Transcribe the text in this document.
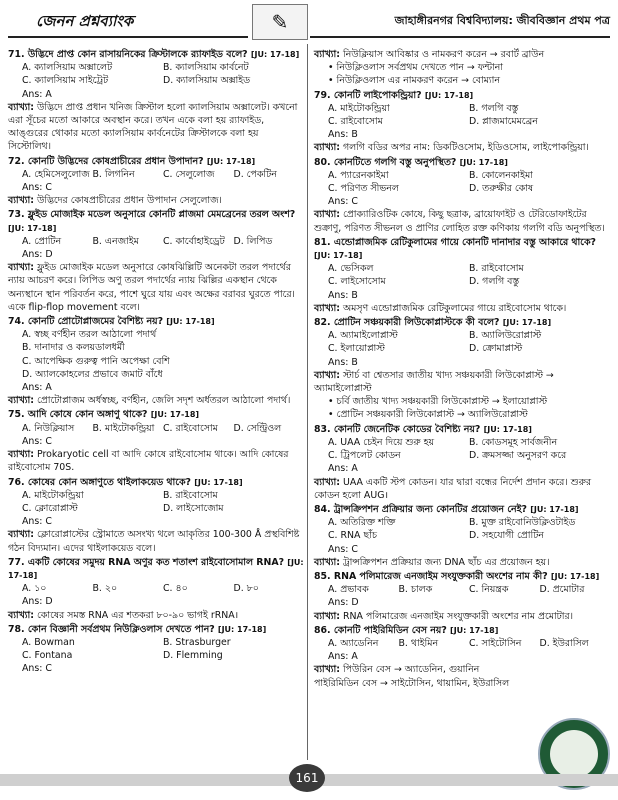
জেনন প্রশ্নব্যাংক	✎	জাহাঙ্গীরনগর বিশ্ববিদ্যালয়: জীববিজ্ঞান প্রথম পত্র
71. উদ্ভিদে প্রাপ্ত কোন রাসায়নিকের ক্রিস্টালকে র‍্যাফাইড বলে? [JU: 17-18]
A. ক্যালসিয়াম অক্সালেট	B. ক্যালসিয়াম কার্বনেট
C. ক্যালসিয়াম সাইট্রেট	D. ক্যালসিয়াম অক্সাইড
Ans: A
ব্যাখ্যা: উদ্ভিদে প্রাপ্ত প্রধান খনিজ ক্রিস্টাল হলো ক্যালসিয়াম অক্সালেট। কখনো এরা সূঁচের মতো আকারে অবস্থান করে। তখন একে বলা হয় র‍্যাফাইড, আঙ্গুরের থোকার মতো ক্যালসিয়াম কার্বনেটের ক্রিস্টালকে বলা হয় সিস্টোলিথ।
72. কোনটি উদ্ভিদের কোষপ্রাচীরের প্রধান উপাদান? [JU: 17-18]
A. হেমিসেলুলোজ B. লিগনিন	C. সেলুলোজ	D. পেকটিন
Ans: C
ব্যাখ্যা: উদ্ভিদের কোষপ্রাচীরের প্রধান উপাদান সেলুলোজ।
73. ফ্লুইড মোজাইক মডেল অনুসারে কোনটি প্লাজমা মেমব্রেনের তরল অংশ? [JU: 17-18]
A. প্রোটিন	B. এনজাইম	C. কার্বোহাইড্রেট D. লিপিড
Ans: D
ব্যাখ্যা: ফ্লুইড মোজাইক মডেল অনুসারে কোষঝিল্লিটি অনেকটা তরল পদার্থের ন্যায় আচরণ করে। লিপিড অণু তরল পদার্থের ন্যায় ঝিল্লির একস্থান থেকে অন্যস্থানে স্থান পরিবর্তন করে, পাশে ঘুরে যায় এবং অক্ষের বরাবর ঘুরতে পারে। একে flip-flop movement বলে।
74. কোনটি প্রোটোপ্লাজমের বৈশিষ্ট্য নয়? [JU: 17-18]
A. স্বচ্ছ বর্ণহীন তরল আঠালো পদার্থ
B. দানাদার ও কলয়ডালধর্মী
C. আপেক্ষিক গুরুত্ব পানি অপেক্ষা বেশি
D. অ্যালকোহলের প্রভাবে জমাট বাঁধে
Ans: A
ব্যাখ্যা: প্রোটোপ্লাজম অর্ধস্বচ্ছ, বর্ণহীন, জেলি সদৃশ অর্ধতরল আঠালো পদার্থ।
75. আদি কোষে কোন অঙ্গাণু থাকে? [JU: 17-18]
A. নিউক্লিয়াস	B. মাইটোকন্ড্রিয়া C. রাইবোসোম	D. সেন্ট্রিওল
Ans: C
ব্যাখ্যা: Prokaryotic cell বা আদি কোষে রাইবোসোম থাকে। আদি কোষের রাইবোসোম 70S.
76. কোষের কোন অঙ্গাণুতে থাইলাকয়েড থাকে? [JU: 17-18]
A. মাইটোকন্ড্রিয়া	B. রাইবোসোম
C. ক্লোরোপ্লাস্ট	D. লাইসোজোম
Ans: C
ব্যাখ্যা: ক্লোরোপ্লাস্টের স্ট্রোমাতে অসংখ্য থলে আকৃতির 100-300 Å প্রস্থবিশিষ্ট গঠন বিদ্যমান। এদের থাইলাকয়েড বলে।
77. একটি কোষের সমুদয় RNA অণুর কত শতাংশ রাইবোসোমাল RNA? [JU: 17-18]
A. ১০	B. ২০	C. ৪০	D. ৮০
Ans: D
ব্যাখ্যা: কোষের সমস্ত RNA এর শতকরা ৮০-৯০ ভাগই rRNA।
78. কোন বিজ্ঞানী সর্বপ্রথম নিউক্লিওলাস দেখতে পান? [JU: 17-18]
A. Bowman	B. Strasburger
C. Fontana	D. Flemming
Ans: C
ব্যাখ্যা: নিউক্লিয়াস আবিষ্কার ও নামকরণ করেন → রবার্ট ব্রাউন
• নিউক্লিওলাস সর্বপ্রথম দেখতে পান → ফন্টানা
• নিউক্লিওলাস এর নামকরণ করেন → বোম্যান
79. কোনটি লাইপোকন্ড্রিয়া? [JU: 17-18]
A. মাইটোকন্ড্রিয়া	B. গলগি বস্তু
C. রাইবোসোম	D. প্লাজমামেমব্রেন
Ans: B
ব্যাখ্যা: গলগি বডির অপর নাম: ডিকটিওসোম, ইডিওসোম, লাইপোকন্ড্রিয়া।
80. কোনটিতে গলগি বস্তু অনুপস্থিত? [JU: 17-18]
A. প্যারেনকাইমা	B. কোলেনকাইমা
C. পরিণত সীভনল	D. তরুক্ষীর কোষ
Ans: C
ব্যাখ্যা: প্রোক্যারিওটিক কোষে, কিছু ছত্রাক, ব্রায়োফাইট ও টেরিডোফাইটের শুক্রাণু, পরিণত সীভনল ও প্রাণির লোহিত রক্ত কণিকায় গলগি বডি অনুপস্থিত।
81. এন্ডোপ্লাজমিক রেটিকুলামের গায়ে কোনটি দানাদার বস্তু আকারে থাকে? [JU: 17-18]
A. ভেসিকল	B. রাইবোসোম
C. লাইসোসোম	D. গলগি বস্তু
Ans: B
ব্যাখ্যা: অমসৃণ এন্ডোপ্লাজমিক রেটিকুলামের গায়ে রাইবোসোম থাকে।
82. প্রোটিন সঞ্চয়কারী লিউকোপ্লাস্টকে কী বলে? [JU: 17-18]
A. অ্যামাইলোপ্লাস্ট	B. অ্যালিউরোপ্লাস্ট
C. ইলায়োপ্লাস্ট	D. ক্রোমাপ্লাস্ট
Ans: B
ব্যাখ্যা: স্টার্চ বা শ্বেতসার জাতীয় খাদ্য সঞ্চয়কারী লিউকোপ্লাস্ট → অ্যামাইলোপ্লাস্ট
• চর্বি জাতীয় খাদ্য সঞ্চয়কারী লিউকোপ্লাস্ট → ইলায়োপ্লাস্ট
• প্রোটিন সঞ্চয়কারী লিউকোপ্লাস্ট → অ্যালিউরোপ্লাস্ট
83. কোনটি জেনেটিক কোডের বৈশিষ্ট্য নয়? [JU: 17-18]
A. UAA চেইন দিয়ে শুরু হয়	B. কোডসমূহ সার্বজনীন
C. ট্রিপলেট কোডন	D. ক্রমসজ্জা অনুসরণ করে
Ans: A
ব্যাখ্যা: UAA একটি স্টপ কোডন। যার দ্বারা বন্ধের নির্দেশ প্রদান করে। শুরুর কোডন হলো AUG।
84. ট্রান্সক্রিপশন প্রক্রিয়ার জন্য কোনটির প্রয়োজন নেই? [JU: 17-18]
A. অতিরিক্ত শক্তি	B. মুক্ত রাইবোনিউক্লিওটাইড
C. RNA ছাঁচ	D. সহযোগী প্রোটিন
Ans: C
ব্যাখ্যা: ট্রান্সক্রিপশন প্রক্রিয়ার জন্য DNA ছাঁচ এর প্রয়োজন হয়।
85. RNA পলিমারেজ এনজাইম সংযুক্তকারী অংশের নাম কী? [JU: 17-18]
A. প্রভাবক	B. চালক	C. নিয়ন্ত্রক	D. প্রমোটার
Ans: D
ব্যাখ্যা: RNA পলিমারেজ এনজাইম সংযুক্তকারী অংশের নাম প্রমোটার।
86. কোনটি পাইরিমিডিন বেস নয়? [JU: 17-18]
A. অ্যাডেনিন	B. থাইমিন	C. সাইটোসিন	D. ইউরাসিল
Ans: A
ব্যাখ্যা: পিউরিন বেস → অ্যাডেনিন, গুয়ানিন
পাইরিমিডিন বেস → সাইটোসিন, থায়ামিন, ইউরাসিল
161
